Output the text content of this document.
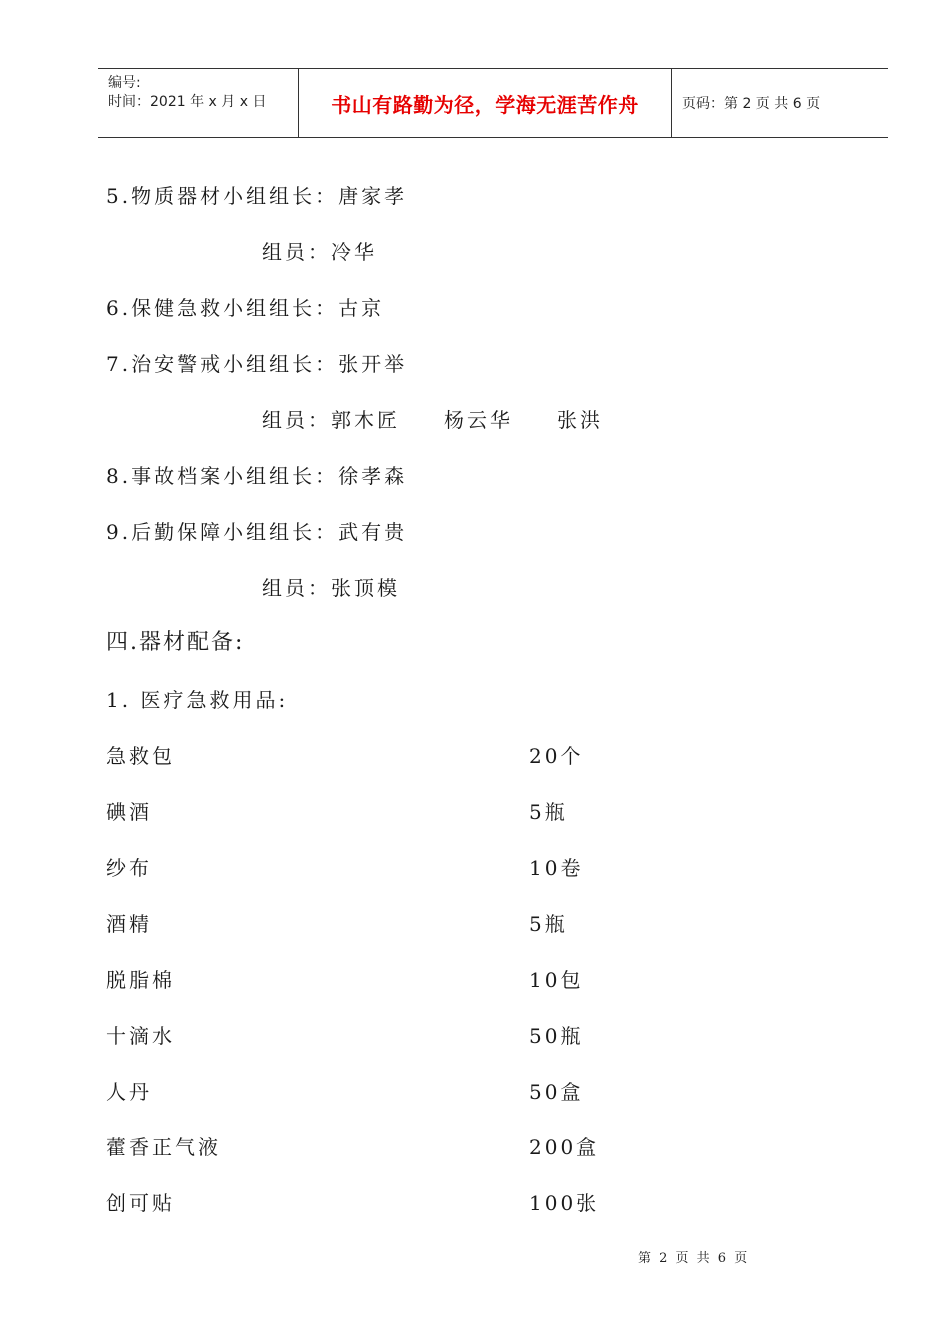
编号:
时间：2021 年 x 月 x 日	书山有路勤为径，学海无涯苦作舟	页码：第 2 页 共 6 页
5.物质器材小组组长：唐家孝
组员：冷华
6.保健急救小组组长：古京
7.治安警戒小组组长：张开举
组员：郭木匠 杨云华 张洪
8.事故档案小组组长：徐孝森
9.后勤保障小组组长：武有贵
组员：张顶模
四.器材配备:
1. 医疗急救用品:
急救包	20个
碘酒	5瓶
纱布	10卷
酒精	5瓶
脱脂棉	10包
十滴水	50瓶
人丹	50盒
藿香正气液	200盒
创可贴	100张
第 2 页 共 6 页
